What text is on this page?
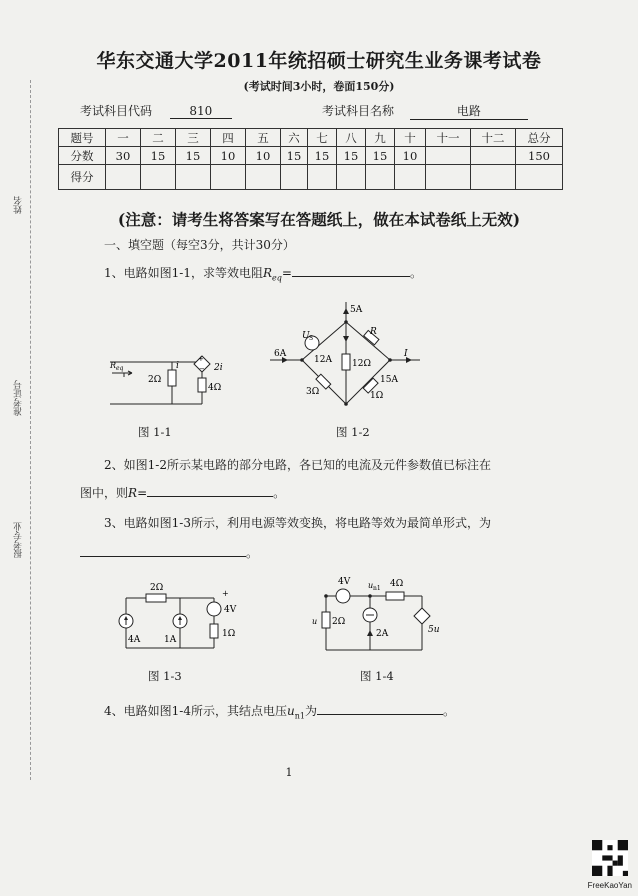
华东交通大学2011年统招硕士研究生业务课考试卷
(考试时间3小时，卷面150分)
考试科目代码	810	考试科目名称	电路
题号	一	二	三	四	五	六	七	八	九	十	十一	十二	总分
分数	30	15	15	10	10	15	15	15	15	10			150
得分													
(注意：请考生将答案写在答题纸上，做在本试卷纸上无效)
一、填空题（每空3分，共计30分）
1、电路如图1-1，求等效电阻$R_{eq}=$	。
R eq
2Ω
4Ω
i	2i
+
−
图 1-1
5A
6A
U S
R
12A 12Ω
I
15A
3Ω	1Ω
图 1-2
2、如图1-2所示某电路的部分电路，各已知的电流及元件参数值已标注在
图中，则R=	。
3、电路如图1-3所示，利用电源等效变换，将电路等效为最简单形式，为
。
2Ω
+
4V
1Ω
4A	1A
图 1-3
4V u n1 4Ω
u 2Ω
2A	5u
图 1-4
4、电路如图1-4所示，其结点电压$u_{n1}$为	。
姓名
准考证号
报考专业
1
FreeKaoYan
